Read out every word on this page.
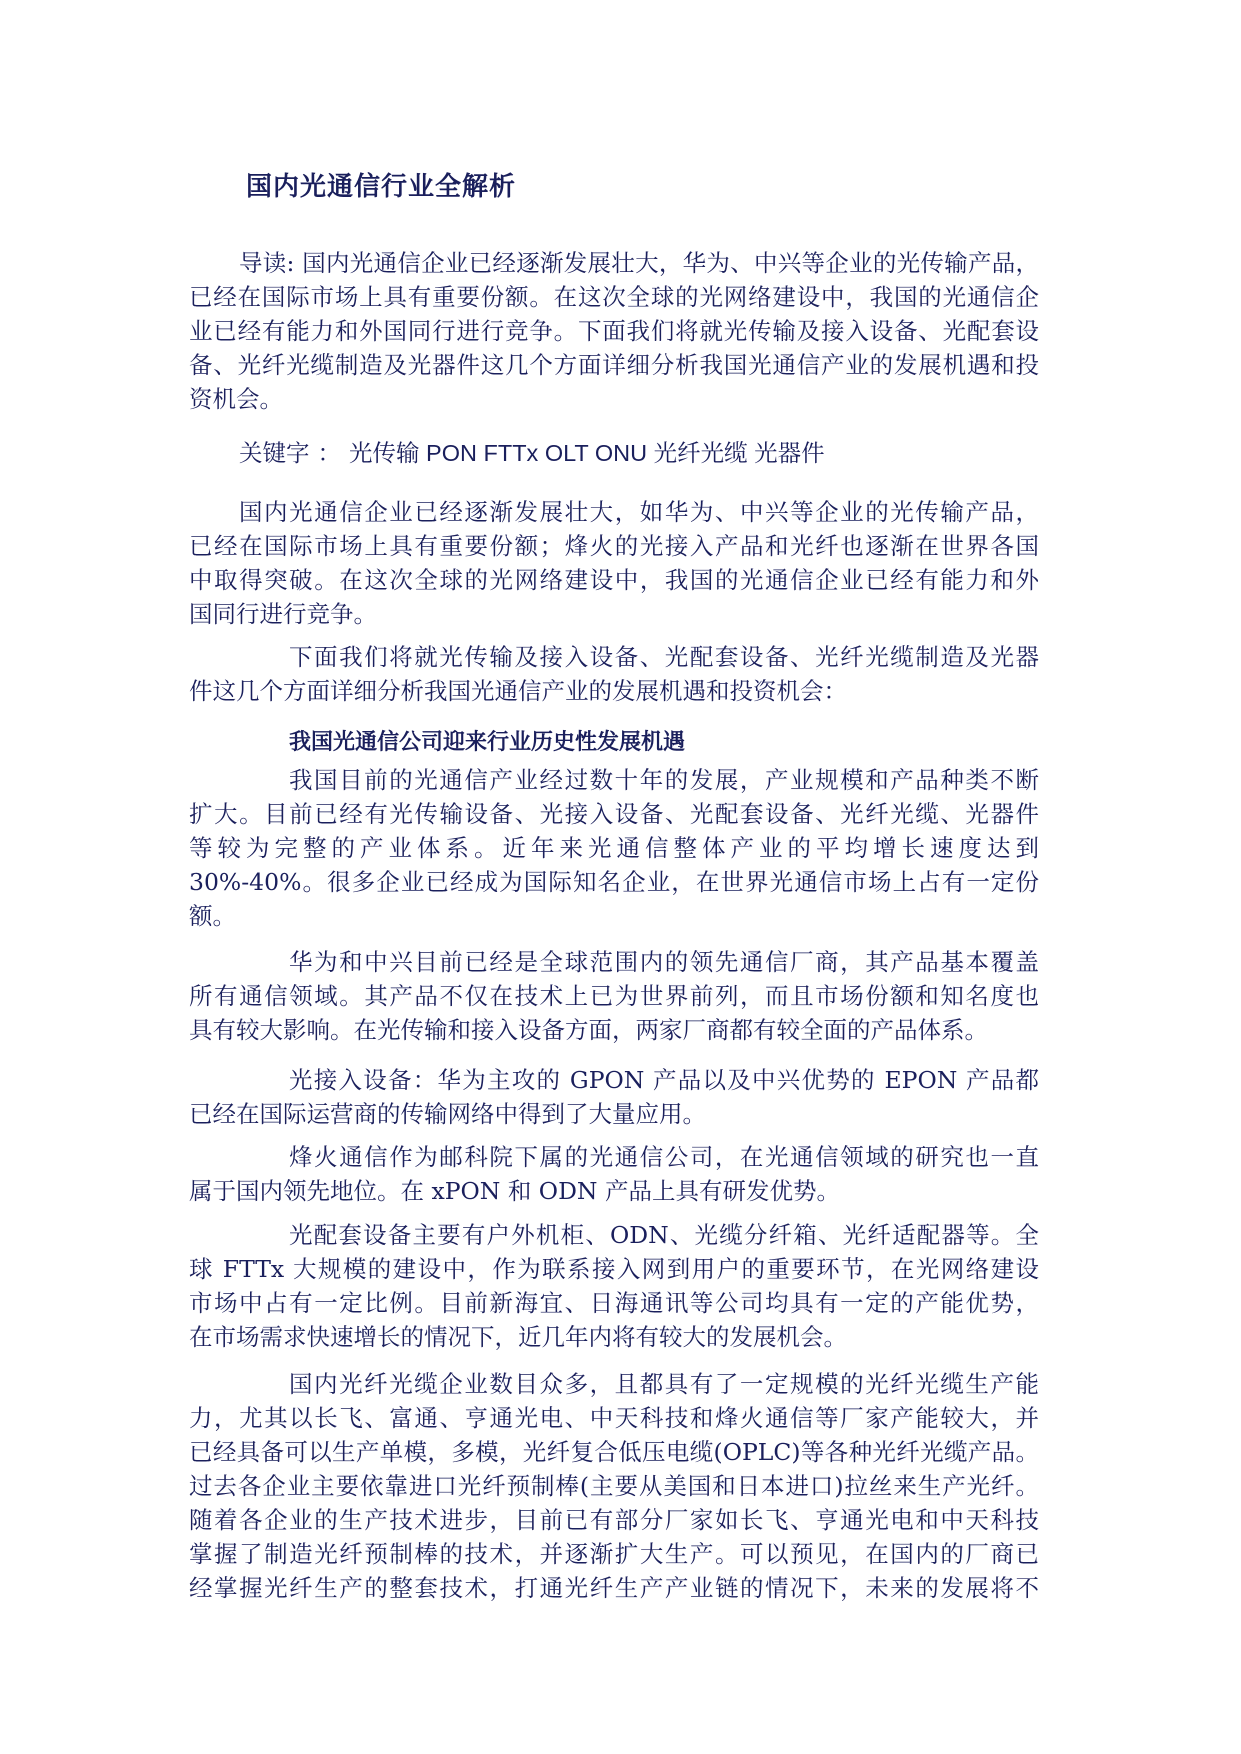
国内光通信行业全解析
导读: 国内光通信企业已经逐渐发展壮大，华为、中兴等企业的光传输产品，
已经在国际市场上具有重要份额。在这次全球的光网络建设中，我国的光通信企
业已经有能力和外国同行进行竞争。下面我们将就光传输及接入设备、光配套设
备、光纤光缆制造及光器件这几个方面详细分析我国光通信产业的发展机遇和投
资机会。

关键字 ： 光传输 PON FTTx OLT ONU 光纤光缆 光器件

国内光通信企业已经逐渐发展壮大，如华为、中兴等企业的光传输产品，
已经在国际市场上具有重要份额；烽火的光接入产品和光纤也逐渐在世界各国
中取得突破。在这次全球的光网络建设中，我国的光通信企业已经有能力和外
国同行进行竞争。
下面我们将就光传输及接入设备、光配套设备、光纤光缆制造及光器
件这几个方面详细分析我国光通信产业的发展机遇和投资机会：
我国光通信公司迎来行业历史性发展机遇
我国目前的光通信产业经过数十年的发展，产业规模和产品种类不断
扩大。目前已经有光传输设备、光接入设备、光配套设备、光纤光缆、光器件
等较为完整的产业体系。近年来光通信整体产业的平均增长速度达到
30%-40%。很多企业已经成为国际知名企业，在世界光通信市场上占有一定份
额。
华为和中兴目前已经是全球范围内的领先通信厂商，其产品基本覆盖
所有通信领域。其产品不仅在技术上已为世界前列，而且市场份额和知名度也
具有较大影响。在光传输和接入设备方面，两家厂商都有较全面的产品体系。
光接入设备：华为主攻的 GPON 产品以及中兴优势的 EPON 产品都
已经在国际运营商的传输网络中得到了大量应用。
烽火通信作为邮科院下属的光通信公司，在光通信领域的研究也一直
属于国内领先地位。在 xPON 和 ODN 产品上具有研发优势。
光配套设备主要有户外机柜、ODN、光缆分纤箱、光纤适配器等。全
球 FTTx 大规模的建设中，作为联系接入网到用户的重要环节，在光网络建设
市场中占有一定比例。目前新海宜、日海通讯等公司均具有一定的产能优势，
在市场需求快速增长的情况下，近几年内将有较大的发展机会。
国内光纤光缆企业数目众多，且都具有了一定规模的光纤光缆生产能
力，尤其以长飞、富通、亨通光电、中天科技和烽火通信等厂家产能较大，并
已经具备可以生产单模，多模，光纤复合低压电缆(OPLC)等各种光纤光缆产品。
过去各企业主要依靠进口光纤预制棒(主要从美国和日本进口)拉丝来生产光纤。
随着各企业的生产技术进步，目前已有部分厂家如长飞、亨通光电和中天科技
掌握了制造光纤预制棒的技术，并逐渐扩大生产。可以预见，在国内的厂商已
经掌握光纤生产的整套技术，打通光纤生产产业链的情况下，未来的发展将不
